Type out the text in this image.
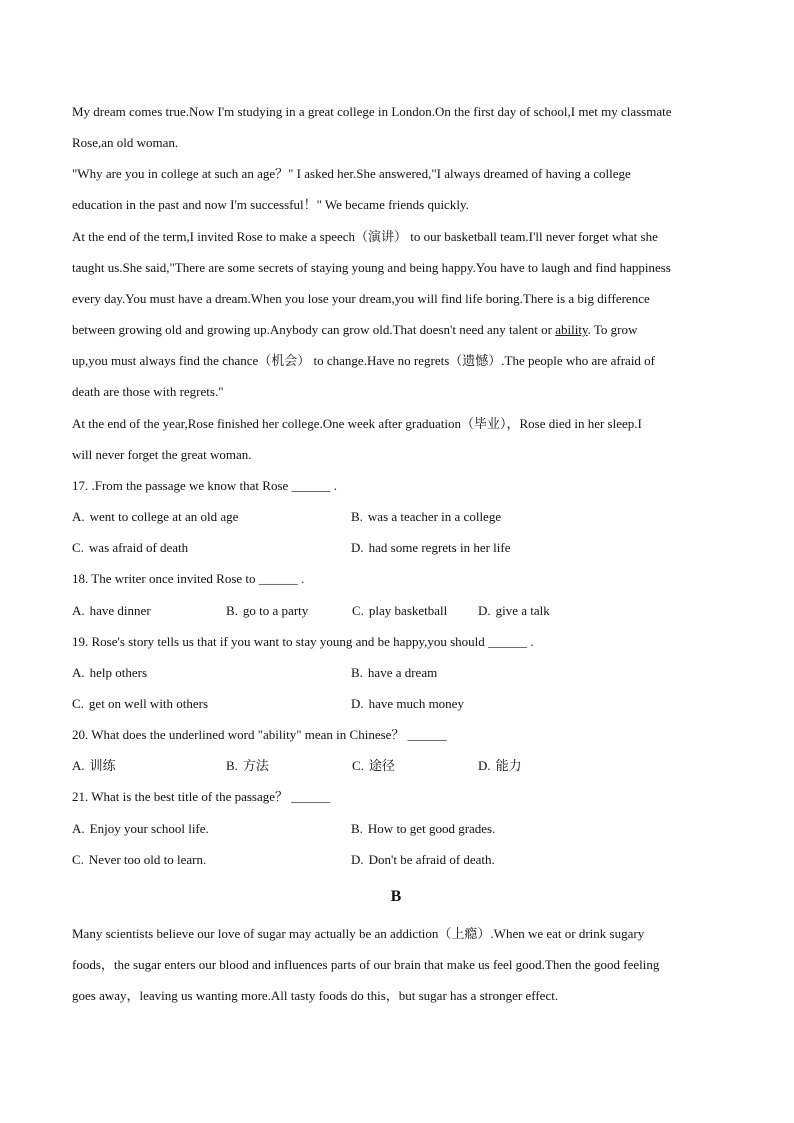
My dream comes true.Now I'm studying in a great college in London.On the first day of school,I met my classmate
Rose,an old woman.
"Why are you in college at such an age？" I asked her.She answered,"I always dreamed of having a college
education in the past and now I'm successful！" We became friends quickly.
At the end of the term,I invited Rose to make a speech（演讲） to our basketball team.I'll never forget what she
taught us.She said,"There are some secrets of staying young and being happy.You have to laugh and find happiness
every day.You must have a dream.When you lose your dream,you will find life boring.There is a big difference
between growing old and growing up.Anybody can grow old.That doesn't need any talent or ability. To grow
up,you must always find the chance（机会） to change.Have no regrets（遗憾）.The people who are afraid of
death are those with regrets."
At the end of the year,Rose finished her college.One week after graduation（毕业），Rose died in her sleep.I
will never forget the great woman.
17. .From the passage we know that Rose ______ .
A. went to college at an old age	B. was a teacher in a college
C. was afraid of death	D. had some regrets in her life
18. The writer once invited Rose to ______ .
A. have dinner	B. go to a party	C. play basketball	D. give a talk
19. Rose's story tells us that if you want to stay young and be happy,you should ______ .
A. help others	B. have a dream
C. get on well with others	D. have much money
20. What does the underlined word "ability" mean in Chinese？ ______
A. 训练	B. 方法	C. 途径	D. 能力
21. What is the best title of the passage？ ______
A. Enjoy your school life.	B. How to get good grades.
C. Never too old to learn.	D. Don't be afraid of death.
B
Many scientists believe our love of sugar may actually be an addiction（上瘾）.When we eat or drink sugary
foods，the sugar enters our blood and influences parts of our brain that make us feel good.Then the good feeling
goes away，leaving us wanting more.All tasty foods do this，but sugar has a stronger effect.
